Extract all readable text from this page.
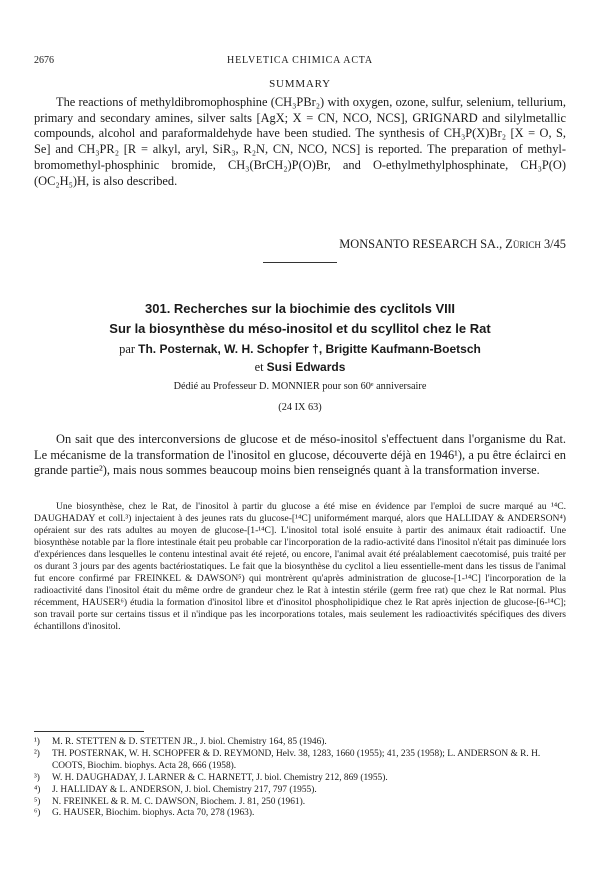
2676	HELVETICA CHIMICA ACTA
SUMMARY

The reactions of methyldibromophosphine (CH₃PBr₂) with oxygen, ozone, sulfur, selenium, tellurium, primary and secondary amines, silver salts [AgX; X = CN, NCO, NCS], GRIGNARD and silylmetallic compounds, alcohol and paraformaldehyde have been studied. The synthesis of CH₃P(X)Br₂ [X = O, S, Se] and CH₃PR₂ [R = alkyl, aryl, SiR₃, R₂N, CN, NCO, NCS] is reported. The preparation of methyl-bromomethyl-phosphinic bromide, CH₃(BrCH₂)P(O)Br, and O-ethylmethylphosphinate, CH₃P(O)(OC₂H₅)H, is also described.

MONSANTO RESEARCH SA., Zürich 3/45
301. Recherches sur la biochimie des cyclitols VIII
Sur la biosynthèse du méso-inositol et du scyllitol chez le Rat
par Th. Posternak, W. H. Schopfer †, Brigitte Kaufmann-Boetsch
et Susi Edwards
Dédié au Professeur D. MONNIER pour son 60ᵉ anniversaire
(24 IX 63)

On sait que des interconversions de glucose et de méso-inositol s'effectuent dans l'organisme du Rat. Le mécanisme de la transformation de l'inositol en glucose, découverte déjà en 1946¹), a pu être éclairci en grande partie²), mais nous sommes beaucoup moins bien renseignés quant à la transformation inverse.

Une biosynthèse, chez le Rat, de l'inositol à partir du glucose a été mise en évidence par l'emploi de sucre marqué au ¹⁴C. DAUGHADAY et coll.³) injectaient à des jeunes rats du glucose-[¹⁴C] uniformément marqué, alors que HALLIDAY & ANDERSON⁴) opéraient sur des rats adultes au moyen de glucose-[1-¹⁴C]. L'inositol total isolé ensuite à partir des animaux était radioactif. Une biosynthèse notable par la flore intestinale était peu probable car l'incorporation de la radio-activité dans l'inositol n'était pas diminuée lors d'expériences dans lesquelles le contenu intestinal avait été rejeté, ou encore, l'animal avait été préalablement caecotomisé, puis traité per os durant 3 jours par des agents bactériostatiques. Le fait que la biosynthèse du cyclitol a lieu essentielle-ment dans les tissus de l'animal fut encore confirmé par FREINKEL & DAWSON⁵) qui montrèrent qu'après administration de glucose-[1-¹⁴C] l'incorporation de la radioactivité dans l'inositol était du même ordre de grandeur chez le Rat à intestin stérile (germ free rat) que chez le Rat normal. Plus récemment, HAUSER⁶) étudia la formation d'inositol libre et d'inositol phospholipidique chez le Rat après injection de glucose-[6-¹⁴C]; son travail porte sur certains tissus et il n'indique pas les incorporations totales, mais seulement les radioactivités spécifiques des divers échantillons d'inositol.

¹) M. R. STETTEN & D. STETTEN JR., J. biol. Chemistry 164, 85 (1946).
²) TH. POSTERNAK, W. H. SCHOPFER & D. REYMOND, Helv. 38, 1283, 1660 (1955); 41, 235 (1958); L. ANDERSON & R. H. COOTS, Biochim. biophys. Acta 28, 666 (1958).
³) W. H. DAUGHADAY, J. LARNER & C. HARNETT, J. biol. Chemistry 212, 869 (1955).
⁴) J. HALLIDAY & L. ANDERSON, J. biol. Chemistry 217, 797 (1955).
⁵) N. FREINKEL & R. M. C. DAWSON, Biochem. J. 81, 250 (1961).
⁶) G. HAUSER, Biochim. biophys. Acta 70, 278 (1963).
